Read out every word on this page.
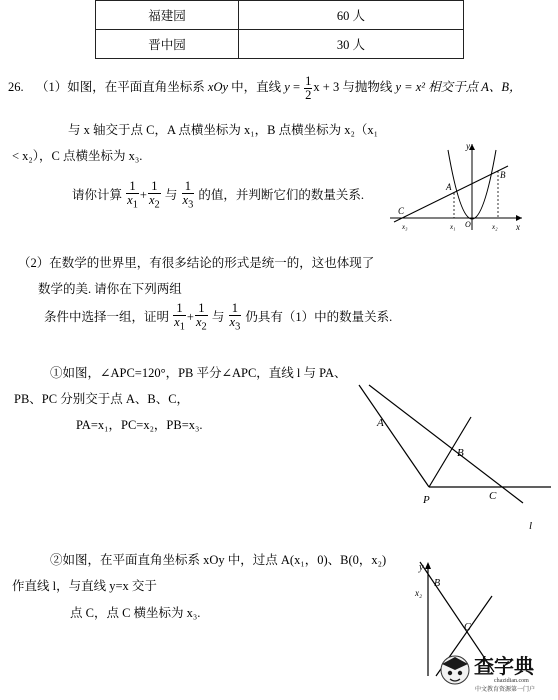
福建园	60 人
晋中园	30 人
26. （1）如图，在平面直角坐标系 xOy 中，直线 $y = \frac{1}{2}$ x + 3 与抛物线 y = x² 相交于点 A、B，
与 x 轴交于点 C，A 点横坐标为 x₁，B 点横坐标为 x₂（x₁
< x₂），C 点横坐标为 x₃.
请你计算 $\frac{1}{x_1} + \frac{1}{x_2}$ 与 $\frac{1}{x_3}$ 的值，并判断它们的数量关系.
y
x
A
B
C
O
x₃	x₁	x₂
（2）在数学的世界里，有很多结论的形式是统一的，这也体现了
数学的美. 请你在下列两组
条件中选择一组，证明 $\frac{1}{x_1} + \frac{1}{x_2}$ 与 $\frac{1}{x_3}$ 仍具有（1）中的数量关系.
①如图，∠APC=120°，PB 平分∠APC，直线 l 与 PA、
PB、PC 分别交于点 A、B、C，
PA=x₁，PC=x₂，PB=x₃.	A
B
P	C
l
②如图，在平面直角坐标系 xOy 中，过点 A(x₁，0)、B(0，x₂)
作直线 l，与直线 y=x 交于
点 C，点 C 横坐标为 x₃.
y
B
x₂
C
查字典
chazidian.com
中文教育资源第一门户
